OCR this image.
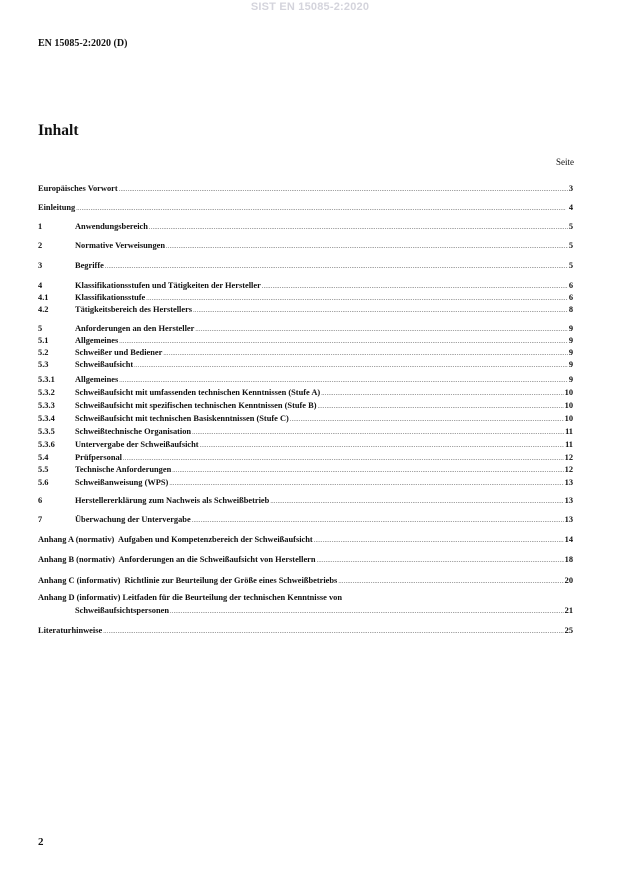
SIST EN 15085-2:2020
EN 15085-2:2020 (D)
Inhalt
Seite
Europäisches Vorwort .....	3
Einleitung .....	4
1	Anwendungsbereich .....	5
2	Normative Verweisungen .....	5
3	Begriffe .....	5
4	Klassifikationsstufen und Tätigkeiten der Hersteller .....	6
4.1	Klassifikationsstufe .....	6
4.2	Tätigkeitsbereich des Herstellers .....	8
5	Anforderungen an den Hersteller .....	9
5.1	Allgemeines .....	9
5.2	Schweißer und Bediener .....	9
5.3	Schweißaufsicht .....	9
5.3.1	Allgemeines .....	9
5.3.2	Schweißaufsicht mit umfassenden technischen Kenntnissen (Stufe A) .....	10
5.3.3	Schweißaufsicht mit spezifischen technischen Kenntnissen (Stufe B) .....	10
5.3.4	Schweißaufsicht mit technischen Basiskenntnissen (Stufe C) .....	10
5.3.5	Schweißtechnische Organisation .....	11
5.3.6	Untervergabe der Schweißaufsicht .....	11
5.4	Prüfpersonal .....	12
5.5	Technische Anforderungen .....	12
5.6	Schweißanweisung (WPS) .....	13
6	Herstellererklärung zum Nachweis als Schweißbetrieb .....	13
7	Überwachung der Untervergabe .....	13
Anhang A (normativ)  Aufgaben und Kompetenzbereich der Schweißaufsicht .....	14
Anhang B (normativ)  Anforderungen an die Schweißaufsicht von Herstellern .....	18
Anhang C (informativ)  Richtlinie zur Beurteilung der Größe eines Schweißbetriebs .....	20
Anhang D (informativ) Leitfaden für die Beurteilung der technischen Kenntnisse von
Schweißaufsichtspersonen .....	21
Literaturhinweise .....	25
2
